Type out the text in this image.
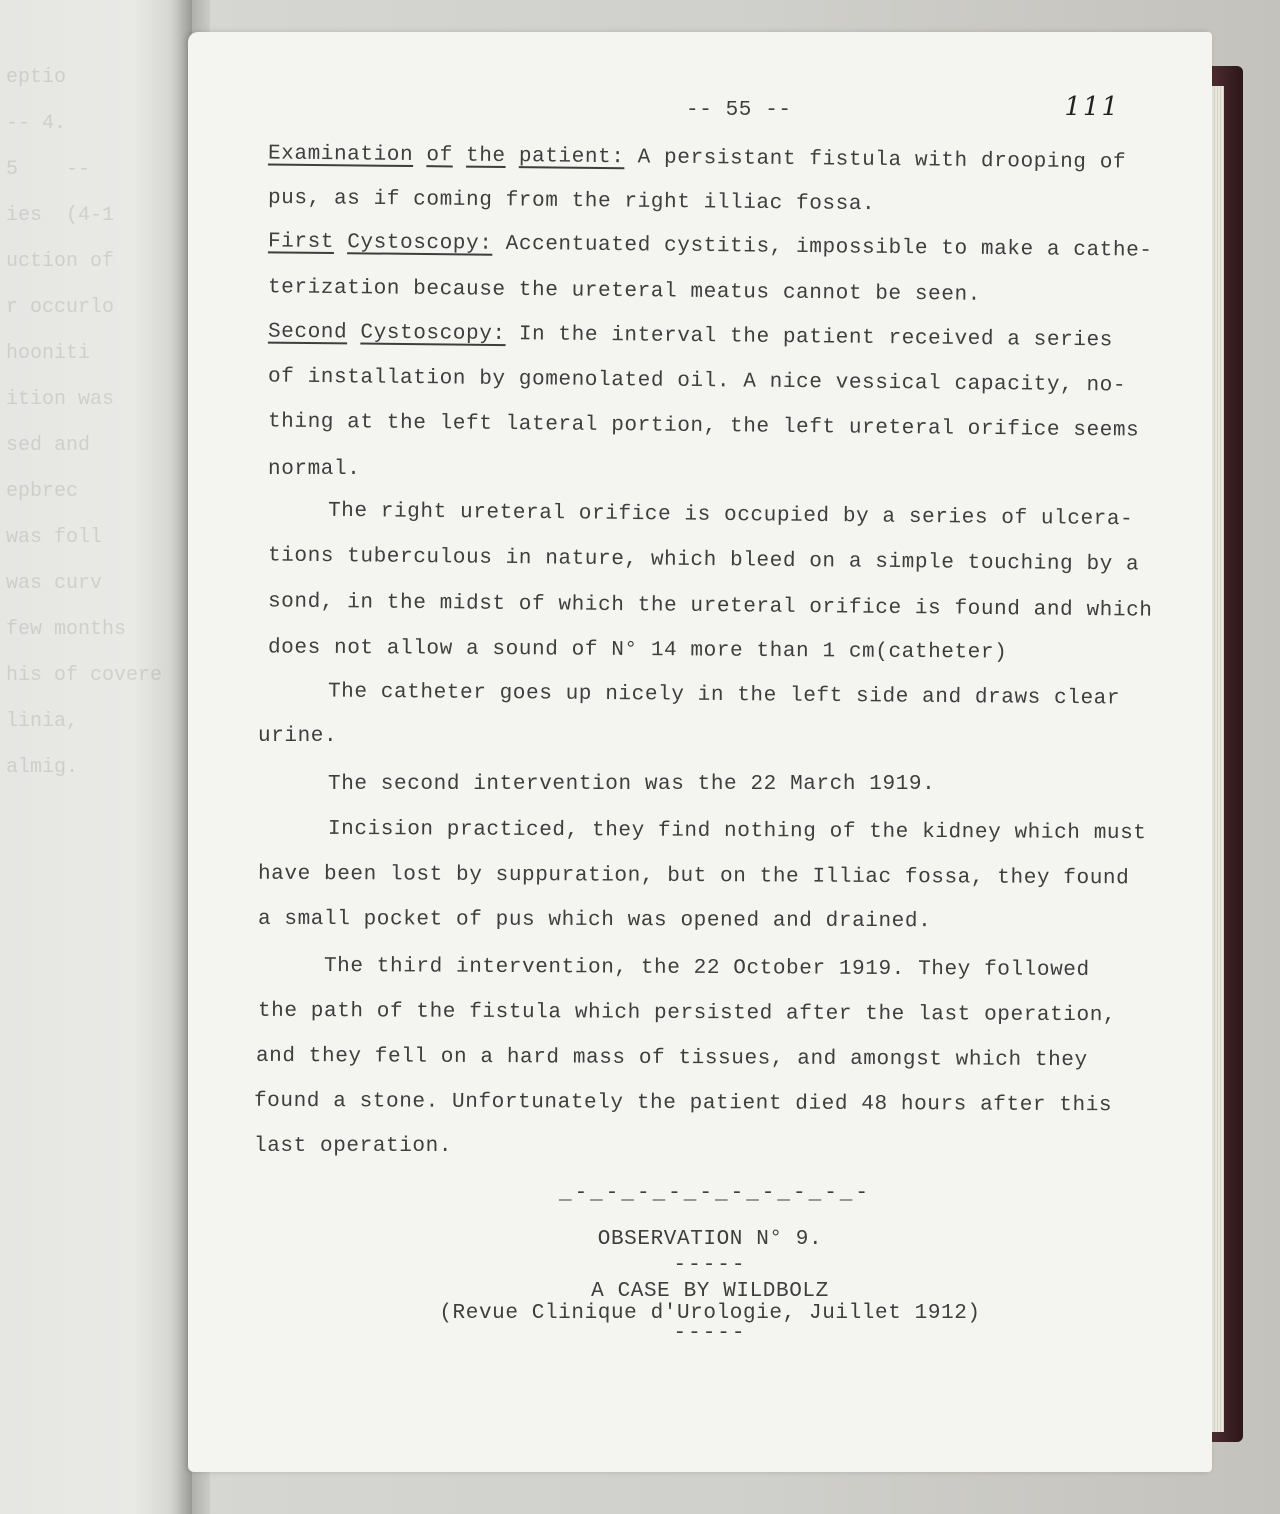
eptio
-- 4.
5    --
ies  (4-1
uction of
r occurlo
hooniti
ition was
sed and
epbrec
was foll
was curv
few months
his of covere
linia,
almig.
111
-- 55 --
Examination of the patient: A persistant fistula with drooping of
pus, as if coming from the right illiac fossa.
First Cystoscopy: Accentuated cystitis, impossible to make a cathe-
terization because the ureteral meatus cannot be seen.
Second Cystoscopy: In the interval the patient received a series
of installation by gomenolated oil. A nice vessical capacity, no-
thing at the left lateral portion, the left ureteral orifice seems
normal.
The right ureteral orifice is occupied by a series of ulcera-
tions tuberculous in nature, which bleed on a simple touching by a
sond, in the midst of which the ureteral orifice is found and which
does not allow a sound of N° 14 more than 1 cm(catheter)
The catheter goes up nicely in the left side and draws clear
urine.
The second intervention was the 22 March 1919.
Incision practiced, they find nothing of the kidney which must
have been lost by suppuration, but on the Illiac fossa, they found
a small pocket of pus which was opened and drained.
The third intervention, the 22 October 1919. They followed
the path of the fistula which persisted after the last operation,
and they fell on a hard mass of tissues, and amongst which they
found a stone. Unfortunately the patient died 48 hours after this
last operation.
_-_-_-_-_-_-_-_-_-_-
OBSERVATION N° 9.
-----
A CASE BY WILDBOLZ
(Revue Clinique d'Urologie, Juillet 1912)
-----
